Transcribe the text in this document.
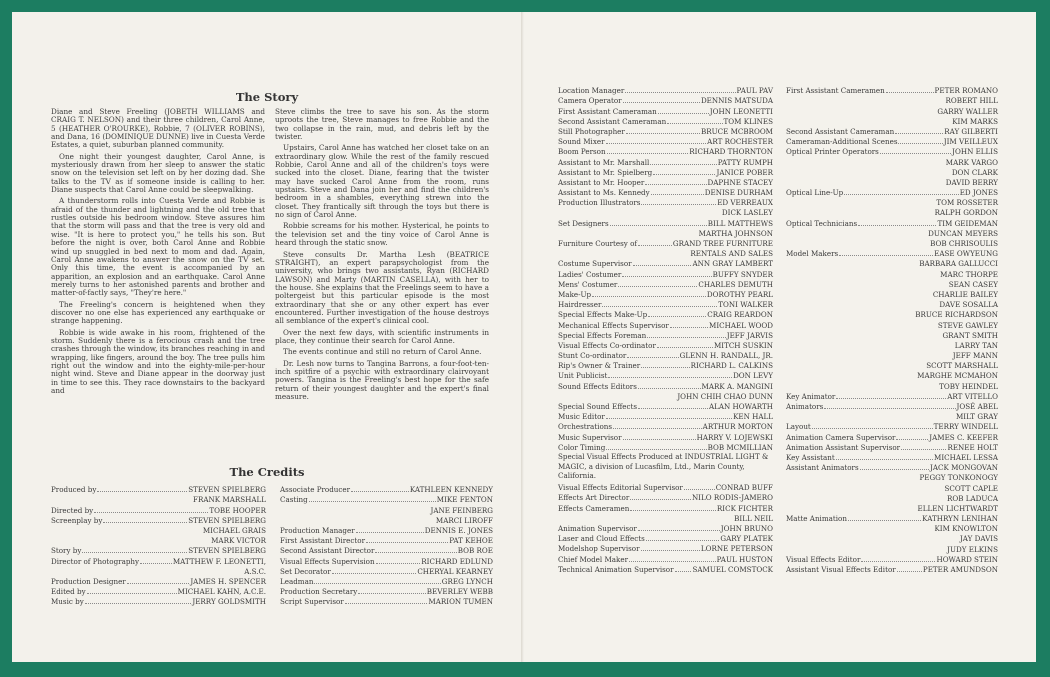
The Story

Diane and Steve Freeling (JOBETH WILLIAMS and CRAIG T. NELSON) and their three children, Carol Anne, 5 (HEATHER O'ROURKE), Robbie, 7 (OLIVER ROBINS), and Dana, 16 (DOMINIQUE DUNNE) live in Cuesta Verde Estates, a quiet, suburban planned community.

One night their youngest daughter, Carol Anne, is mysteriously drawn from her sleep to answer the static snow on the television set left on by her dozing dad. She talks to the TV as if someone inside is calling to her. Diane suspects that Carol Anne could be sleepwalking.

A thunderstorm rolls into Cuesta Verde and Robbie is afraid of the thunder and lightning and the old tree that rustles outside his bedroom window. Steve assures him that the storm will pass and that the tree is very old and wise. "It is here to protect you," he tells his son. But before the night is over, both Carol Anne and Robbie wind up snuggled in bed next to mom and dad. Again, Carol Anne awakens to answer the snow on the TV set. Only this time, the event is accompanied by an apparition, an explosion and an earthquake. Carol Anne merely turns to her astonished parents and brother and matter-of-factly says, "They're here."

The Freeling's concern is heightened when they discover no one else has experienced any earthquake or strange happening.

Robbie is wide awake in his room, frightened of the storm. Suddenly there is a ferocious crash and the tree crashes through the window, its branches reaching in and wrapping, like fingers, around the boy. The tree pulls him right out the window and into the eighty-mile-per-hour night wind. Steve and Diane appear in the doorway just in time to see this. They race downstairs to the backyard and

Steve climbs the tree to save his son. As the storm uproots the tree, Steve manages to free Robbie and the two collapse in the rain, mud, and debris left by the twister.

Upstairs, Carol Anne has watched her closet take on an extraordinary glow. While the rest of the family rescued Robbie, Carol Anne and all of the children's toys were sucked into the closet. Diane, fearing that the twister may have sucked Carol Anne from the room, runs upstairs. Steve and Dana join her and find the children's bedroom in a shambles, everything strewn into the closet. They frantically sift through the toys but there is no sign of Carol Anne.

Robbie screams for his mother. Hysterical, he points to the television set and the tiny voice of Carol Anne is heard through the static snow.

Steve consults Dr. Martha Lesh (BEATRICE STRAIGHT), an expert parapsychologist from the university, who brings two assistants, Ryan (RICHARD LAWSON) and Marty (MARTIN CASELLA), with her to the house. She explains that the Freelings seem to have a poltergeist but this particular episode is the most extraordinary that she or any other expert has ever encountered. Further investigation of the house destroys all semblance of the expert's clinical cool.

Over the next few days, with scientific instruments in place, they continue their search for Carol Anne.

The events continue and still no return of Carol Anne.

Dr. Lesh now turns to Tangina Barrons, a four-foot-ten-inch spitfire of a psychic with extraordinary clairvoyant powers. Tangina is the Freeling's best hope for the safe return of their youngest daughter and the expert's final measure.

The Credits
Produced by	STEVEN SPIELBERG
FRANK MARSHALL
Directed by	TOBE HOOPER
Screenplay by	STEVEN SPIELBERG
MICHAEL GRAIS
MARK VICTOR
Story by	STEVEN SPIELBERG
Director of Photography	MATTHEW F. LEONETTI,
A.S.C.
Production Designer	JAMES H. SPENCER
Edited by	MICHAEL KAHN, A.C.E.
Music by	JERRY GOLDSMITH
Associate Producer	KATHLEEN KENNEDY
Casting	MIKE FENTON
JANE FEINBERG
MARCI LIROFF
Production Manager	DENNIS E. JONES
First Assistant Director	PAT KEHOE
Second Assistant Director	BOB ROE
Visual Effects Supervision	RICHARD EDLUND
Set Decorator	CHERYAL KEARNEY
Leadman	GREG LYNCH
Production Secretary	BEVERLEY WEBB
Script Supervisor	MARION TUMEN
Location Manager	PAUL PAV
Camera Operator	DENNIS MATSUDA
First Assistant Cameraman	JOHN LEONETTI
Second Assistant Cameraman	TOM KLINES
Still Photographer	BRUCE MCBROOM
Sound Mixer	ART ROCHESTER
Boom Person	RICHARD THORNTON
Assistant to Mr. Marshall	PATTY RUMPH
Assistant to Mr. Spielberg	JANICE POBER
Assistant to Mr. Hooper	DAPHNE STACEY
Assistant to Ms. Kennedy	DENISE DURHAM
Production Illustrators	ED VERREAUX
DICK LASLEY
Set Designers	BILL MATTHEWS
MARTHA JOHNSON
Furniture Courtesy of	GRAND TREE FURNITURE
RENTALS AND SALES
Costume Supervisor	ANN GRAY LAMBERT
Ladies' Costumer	BUFFY SNYDER
Mens' Costumer	CHARLES DEMUTH
Make-Up	DOROTHY PEARL
Hairdresser	TONI WALKER
Special Effects Make-Up	CRAIG REARDON
Mechanical Effects Supervisor	MICHAEL WOOD
Special Effects Foreman	JEFF JARVIS
Visual Effects Co-ordinator	MITCH SUSKIN
Stunt Co-ordinator	GLENN H. RANDALL, JR.
Rip's Owner & Trainer	RICHARD L. CALKINS
Unit Publicist	DON LEVY
Sound Effects Editors	MARK A. MANGINI
JOHN CHIH CHAO DUNN
Special Sound Effects	ALAN HOWARTH
Music Editor	KEN HALL
Orchestrations	ARTHUR MORTON
Music Supervisor	HARRY V. LOJEWSKI
Color Timing	BOB MCMILLIAN
Special Visual Effects Produced at INDUSTRIAL LIGHT & MAGIC, a division of Lucasfilm, Ltd., Marin County, California.
Visual Effects Editorial Supervisor	CONRAD BUFF
Effects Art Director	NILO RODIS-JAMERO
Effects Cameramen	RICK FICHTER
BILL NEIL
Animation Supervisor	JOHN BRUNO
Laser and Cloud Effects	GARY PLATEK
Modelshop Supervisor	LORNE PETERSON
Chief Model Maker	PAUL HUSTON
Technical Animation Supervisor	SAMUEL COMSTOCK
First Assistant Cameramen	PETER ROMANO
ROBERT HILL
GARRY WALLER
KIM MARKS
Second Assistant Cameraman	RAY GILBERTI
Cameraman-Additional Scenes	JIM VEILLEUX
Optical Printer Operators	JOHN ELLIS
MARK VARGO
DON CLARK
DAVID BERRY
Optical Line-Up	ED JONES
TOM ROSSETER
RALPH GORDON
Optical Technicians	TIM GEIDEMAN
DUNCAN MEYERS
BOB CHRISOULIS
Model Makers	EASE OWYEUNG
BARBARA GALLUCCI
MARC THORPE
SEAN CASEY
CHARLIE BAILEY
DAVE SOSALLA
BRUCE RICHARDSON
STEVE GAWLEY
GRANT SMITH
LARRY TAN
JEFF MANN
SCOTT MARSHALL
MARGHE MCMAHON
TOBY HEINDEL
Key Animator	ART VITELLO
Animators	JOSÉ ABEL
MILT GRAY
Layout	TERRY WINDELL
Animation Camera Supervisor	JAMES C. KEEFER
Animation Assistant Supervisor	RENEE HOLT
Key Assistant	MICHAEL LESSA
Assistant Animators	JACK MONGOVAN
PEGGY TONKONOGY
SCOTT CAPLE
ROB LADUCA
ELLEN LICHTWARDT
Matte Animation	KATHRYN LENIHAN
KIM KNOWLTON
JAY DAVIS
JUDY ELKINS
Visual Effects Editor	HOWARD STEIN
Assistant Visual Effects Editor	PETER AMUNDSON
